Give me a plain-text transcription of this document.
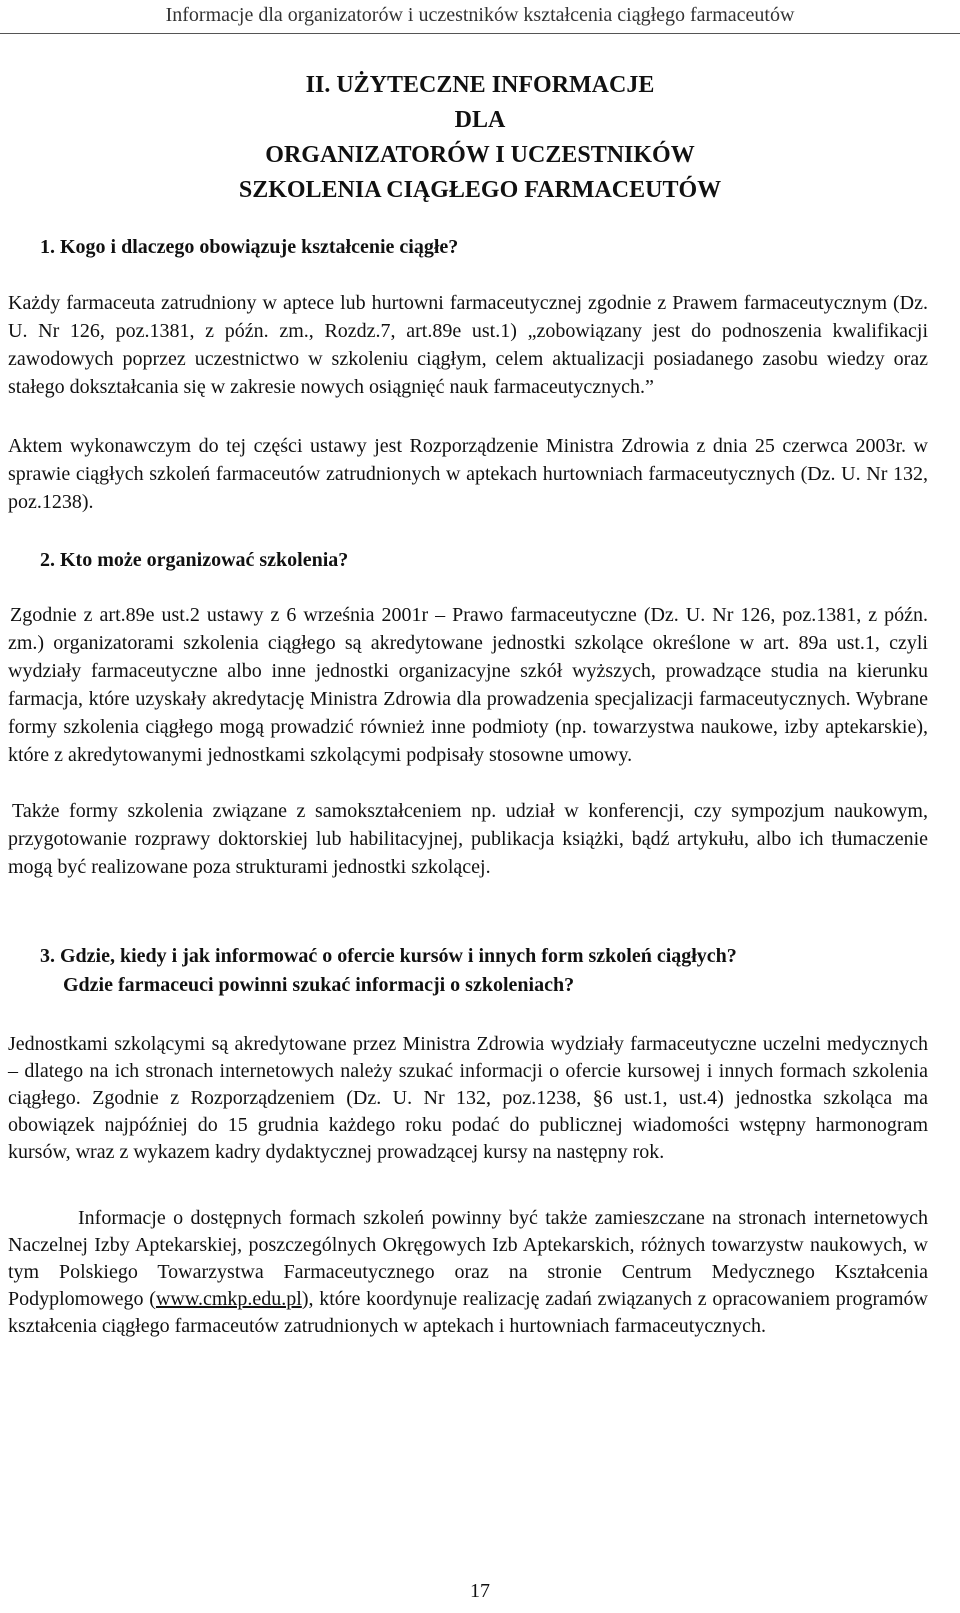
Informacje dla organizatorów i uczestników kształcenia ciągłego farmaceutów
II. UŻYTECZNE INFORMACJE
DLA
ORGANIZATORÓW I UCZESTNIKÓW
SZKOLENIA CIĄGŁEGO FARMACEUTÓW
1. Kogo i dlaczego obowiązuje kształcenie ciągłe?
Każdy farmaceuta zatrudniony w aptece lub hurtowni farmaceutycznej zgodnie z Prawem farmaceutycznym (Dz. U. Nr 126, poz.1381, z późn. zm., Rozdz.7, art.89e ust.1) „zobowiązany jest do podnoszenia kwalifikacji zawodowych poprzez uczestnictwo w szkoleniu ciągłym, celem aktualizacji posiadanego zasobu wiedzy oraz stałego dokształcania się w zakresie nowych osiągnięć nauk farmaceutycznych.”
Aktem wykonawczym do tej części ustawy jest Rozporządzenie Ministra Zdrowia z dnia 25 czerwca 2003r. w sprawie ciągłych szkoleń farmaceutów zatrudnionych w aptekach hurtowniach farmaceutycznych (Dz. U. Nr 132, poz.1238).
2. Kto może organizować szkolenia?
Zgodnie z art.89e ust.2 ustawy z 6 września 2001r – Prawo farmaceutyczne (Dz. U. Nr 126, poz.1381, z późn. zm.) organizatorami szkolenia ciągłego są akredytowane jednostki szkolące określone w art. 89a ust.1, czyli wydziały farmaceutyczne albo inne jednostki organizacyjne szkół wyższych, prowadzące studia na kierunku farmacja, które uzyskały akredytację Ministra Zdrowia dla prowadzenia specjalizacji farmaceutycznych. Wybrane formy szkolenia ciągłego mogą prowadzić również inne podmioty (np. towarzystwa naukowe, izby aptekarskie), które z akredytowanymi jednostkami szkolącymi podpisały stosowne umowy.
Także formy szkolenia związane z samokształceniem np. udział w konferencji, czy sympozjum naukowym, przygotowanie rozprawy doktorskiej lub habilitacyjnej, publikacja książki, bądź artykułu, albo ich tłumaczenie mogą być realizowane poza strukturami jednostki szkolącej.
3. Gdzie, kiedy i jak informować o ofercie kursów i innych form szkoleń ciągłych?
Gdzie farmaceuci powinni szukać informacji o szkoleniach?
Jednostkami szkolącymi są akredytowane przez Ministra Zdrowia wydziały farmaceutyczne uczelni medycznych – dlatego na ich stronach internetowych należy szukać informacji o ofercie kursowej i innych formach szkolenia ciągłego. Zgodnie z Rozporządzeniem (Dz. U. Nr 132, poz.1238, §6 ust.1, ust.4) jednostka szkoląca ma obowiązek najpóźniej do 15 grudnia każdego roku podać do publicznej wiadomości wstępny harmonogram kursów, wraz z wykazem kadry dydaktycznej prowadzącej kursy na następny rok.
Informacje o dostępnych formach szkoleń powinny być także zamieszczane na stronach internetowych Naczelnej Izby Aptekarskiej, poszczególnych Okręgowych Izb Aptekarskich, różnych towarzystw naukowych, w tym Polskiego Towarzystwa Farmaceutycznego oraz na stronie Centrum Medycznego Kształcenia Podyplomowego (www.cmkp.edu.pl), które koordynuje realizację zadań związanych z opracowaniem programów kształcenia ciągłego farmaceutów zatrudnionych w aptekach i hurtowniach farmaceutycznych.
17
